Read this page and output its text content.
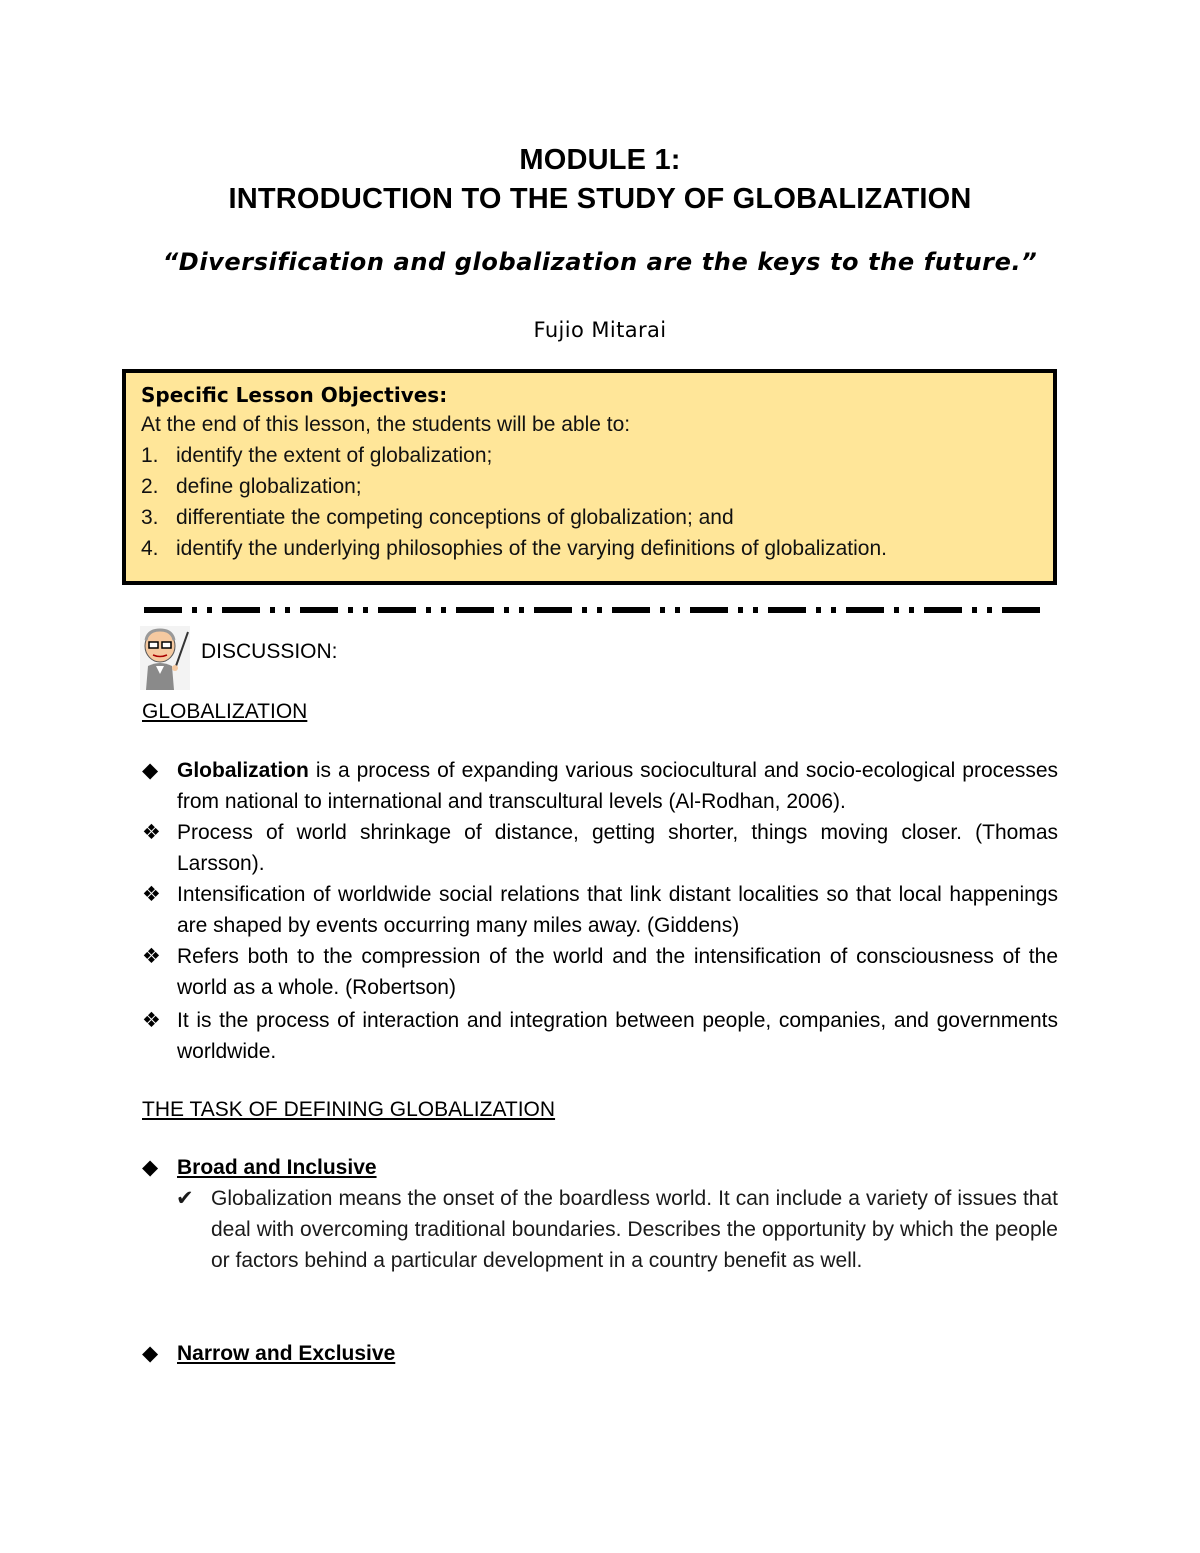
MODULE 1:
INTRODUCTION TO THE STUDY OF GLOBALIZATION
“Diversification and globalization are the keys to the future.”
Fujio Mitarai
Specific Lesson Objectives:
At the end of this lesson, the students will be able to:
1. identify the extent of globalization;
2. define globalization;
3. differentiate the competing conceptions of globalization; and
4. identify the underlying philosophies of the varying definitions of globalization.
DISCUSSION:
GLOBALIZATION
◆ Globalization is a process of expanding various sociocultural and socio-ecological processes from national to international and transcultural levels (Al-Rodhan, 2006).
❖ Process of world shrinkage of distance, getting shorter, things moving closer. (Thomas Larsson).
❖ Intensification of worldwide social relations that link distant localities so that local happenings are shaped by events occurring many miles away. (Giddens)
❖ Refers both to the compression of the world and the intensification of consciousness of the world as a whole. (Robertson)
❖ It is the process of interaction and integration between people, companies, and governments worldwide.
THE TASK OF DEFINING GLOBALIZATION
◆ Broad and Inclusive
✔ Globalization means the onset of the boardless world. It can include a variety of issues that deal with overcoming traditional boundaries. Describes the opportunity by which the people or factors behind a particular development in a country benefit as well.
◆ Narrow and Exclusive
